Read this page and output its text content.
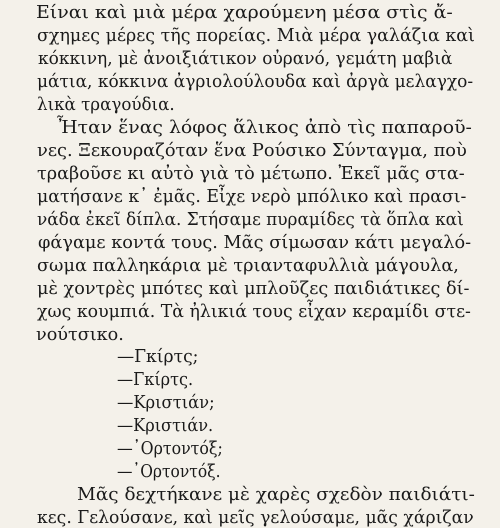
Είναι καὶ μιὰ μέρα χαρούμενη μέσα στὶς ἄ-
σχημες μέρες τῆς πορείας. Μιὰ μέρα γαλάζια καὶ
κόκκινη, μὲ ἀνοιξιάτικον οὐρανό, γεμάτη μαβιὰ
μάτια, κόκκινα ἀγριολούλουδα καὶ ἀργὰ μελαγχο-
λικὰ τραγούδια.
Ἦταν ἕνας λόφος ἅλικος ἀπὸ τὶς παπαροῦ-
νες. Ξεκουραζόταν ἕνα Ρούσικο Σύνταγμα, ποὺ
τραβοῦσε κι αὐτὸ γιὰ τὸ μέτωπο. Ἐκεῖ μᾶς στα-
ματήσανε κ᾽ ἐμᾶς. Εἶχε νερὸ μπόλικο καὶ πρασι-
νάδα ἐκεῖ δίπλα. Στήσαμε πυραμίδες τὰ ὅπλα καὶ
φάγαμε κοντά τους. Μᾶς σίμωσαν κάτι μεγαλό-
σωμα παλληκάρια μὲ τριανταφυλλιὰ μάγουλα,
μὲ χοντρὲς μπότες καὶ μπλοῦζες παιδιάτικες δί-
χως κουμπιά. Τὰ ἠλικιά τους εἶχαν κεραμίδι στε-
νούτσικο.
—Γκίρτς;
—Γκίρτς.
—Κριστιάν;
—Κριστιάν.
—᾿Ορτοντόξ;
—᾿Ορτοντόξ.
Μᾶς δεχτήκανε μὲ χαρὲς σχεδὸν παιδιάτι-
κες. Γελούσανε, καὶ μεῖς γελούσαμε, μᾶς χάριζαν
